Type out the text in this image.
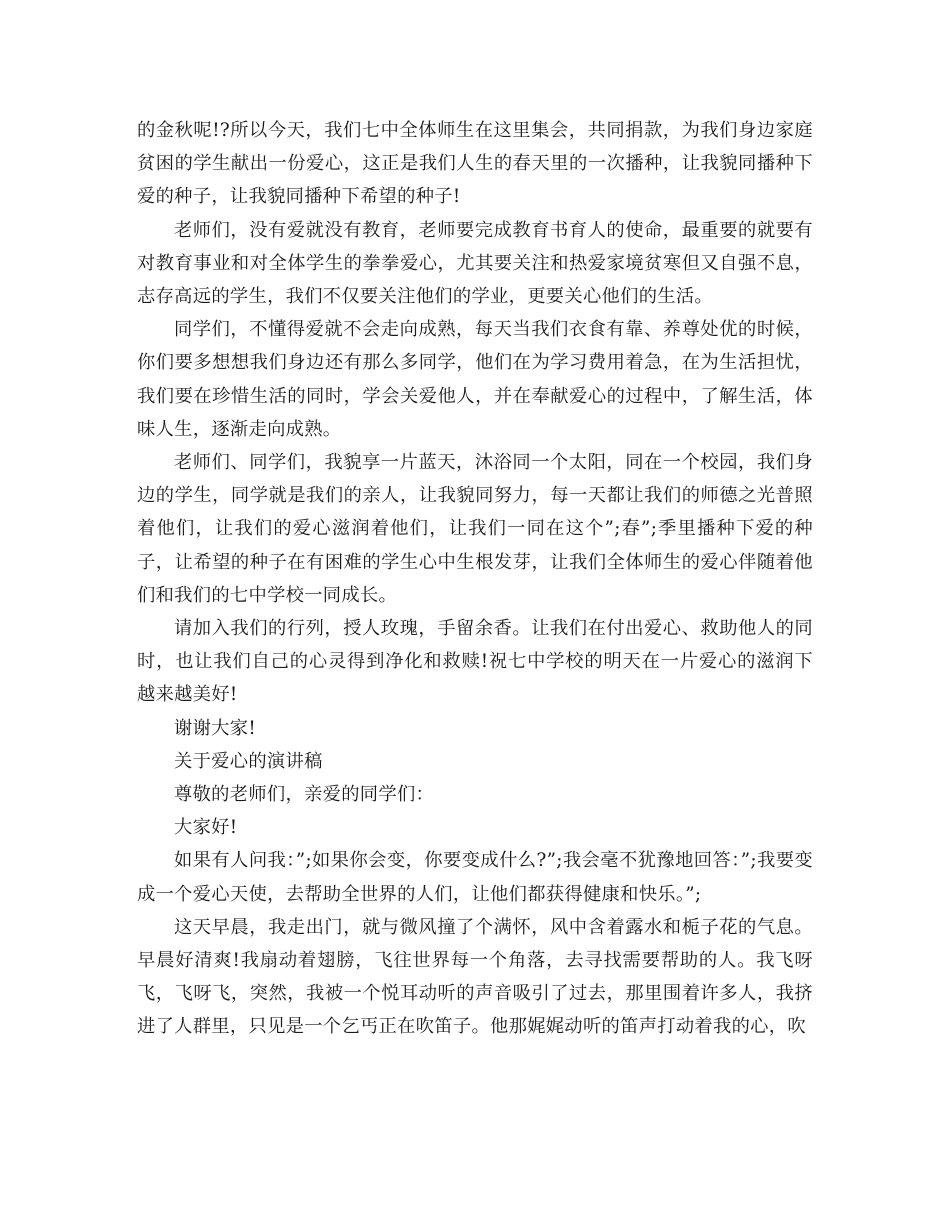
的金秋呢!?所以今天，我们七中全体师生在这里集会，共同捐款，为我们身边家庭贫困的学生献出一份爱心，这正是我们人生的春天里的一次播种，让我貌同播种下爱的种子，让我貌同播种下希望的种子!

老师们，没有爱就没有教育，老师要完成教育书育人的使命，最重要的就要有对教育事业和对全体学生的拳拳爱心，尤其要关注和热爱家境贫寒但又自强不息，志存高远的学生，我们不仅要关注他们的学业，更要关心他们的生活。

同学们，不懂得爱就不会走向成熟，每天当我们衣食有靠、养尊处优的时候，你们要多想想我们身边还有那么多同学，他们在为学习费用着急，在为生活担忧，我们要在珍惜生活的同时，学会关爱他人，并在奉献爱心的过程中，了解生活，体味人生，逐渐走向成熟。

老师们、同学们，我貌享一片蓝天，沐浴同一个太阳，同在一个校园，我们身边的学生，同学就是我们的亲人，让我貌同努力，每一天都让我们的师德之光普照着他们，让我们的爱心滋润着他们，让我们一同在这个”;春”;季里播种下爱的种子，让希望的种子在有困难的学生心中生根发芽，让我们全体师生的爱心伴随着他们和我们的七中学校一同成长。

请加入我们的行列，授人玫瑰，手留余香。让我们在付出爱心、救助他人的同时，也让我们自己的心灵得到净化和救赎!祝七中学校的明天在一片爱心的滋润下越来越美好!

谢谢大家!

关于爱心的演讲稿

尊敬的老师们，亲爱的同学们：

大家好!

如果有人问我：”;如果你会变，你要变成什么?”;我会毫不犹豫地回答：”;我要变成一个爱心天使，去帮助全世界的人们，让他们都获得健康和快乐。”;

这天早晨，我走出门，就与微风撞了个满怀，风中含着露水和栀子花的气息。早晨好清爽!我扇动着翅膀，飞往世界每一个角落，去寻找需要帮助的人。我飞呀飞，飞呀飞，突然，我被一个悦耳动听的声音吸引了过去，那里围着许多人，我挤进了人群里，只见是一个乞丐正在吹笛子。他那娓娓动听的笛声打动着我的心，吹
